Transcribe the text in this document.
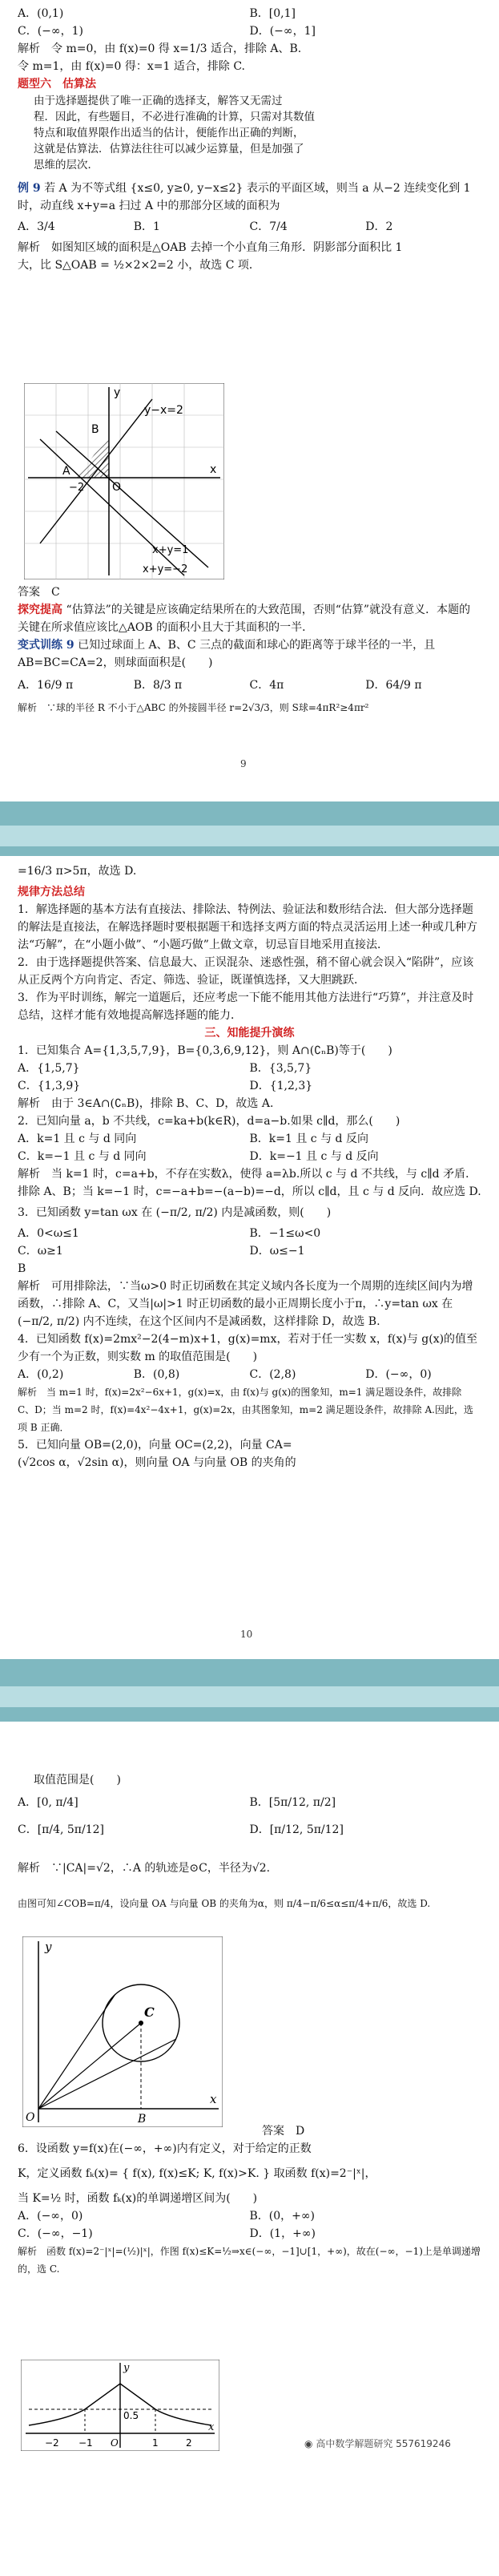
A．(0,1)	B．[0,1]
C．(−∞，1)	D．(−∞，1]
解析　令 m=0，由 f(x)=0 得 x=1/3 适合，排除 A、B.
令 m=1，由 f(x)=0 得：x=1 适合，排除 C.
题型六　估算法
由于选择题提供了唯一正确的选择支，解答又无需过
程．因此，有些题目，不必进行准确的计算，只需对其数值
特点和取值界限作出适当的估计，便能作出正确的判断，
这就是估算法．估算法往往可以减少运算量，但是加强了
思维的层次．
例 9 若 A 为不等式组 {x≤0, y≥0, y−x≤2} 表示的平面区域，则当 a 从−2 连续变化到 1
时，动直线 x+y=a 扫过 A 中的那部分区域的面积为
A．3/4	B．1	C．7/4	D．2
解析　如图知区域的面积是△OAB 去掉一个小直角三角形．阴影部分面积比 1
大，比 S△OAB = ½×2×2=2 小，故选 C 项．
y−x=2
B
A
O
−2
y
x
x+y=1
x+y=−2
答案　C
探究提高 “估算法”的关键是应该确定结果所在的大致范围，否则“估算”就没有意义．本题的关键在所求值应该比△AOB 的面积小且大于其面积的一半．
变式训练 9 已知过球面上 A、B、C 三点的截面和球心的距离等于球半径的一半，且 AB=BC=CA=2，则球面面积是(　　)
A．16/9 π	B．8/3 π	C．4π	D．64/9 π
解析　∵球的半径 R 不小于△ABC 的外接圆半径 r=2√3/3，则 S球=4πR²≥4πr²
9
=16/3 π>5π，故选 D.
规律方法总结
1．解选择题的基本方法有直接法、排除法、特例法、验证法和数形结合法．但大部分选择题的解法是直接法，在解选择题时要根据题干和选择支两方面的特点灵活运用上述一种或几种方法“巧解”，在“小题小做”、“小题巧做”上做文章，切忌盲目地采用直接法．
2．由于选择题提供答案、信息最大、正误混杂、迷惑性强，稍不留心就会误入“陷阱”，应该从正反两个方向肯定、否定、筛选、验证，既谨慎选择，又大胆跳跃．
3．作为平时训练，解完一道题后，还应考虑一下能不能用其他方法进行“巧算”，并注意及时总结，这样才能有效地提高解选择题的能力．
三、知能提升演练
1．已知集合 A={1,3,5,7,9}，B={0,3,6,9,12}，则 A∩(∁ₙB)等于(　　)
A．{1,5,7}	B．{3,5,7}
C．{1,3,9}	D．{1,2,3}
解析　由于 3∈A∩(∁ₙB)，排除 B、C、D，故选 A.
2．已知向量 a，b 不共线，c=ka+b(k∈R)，d=a−b.如果 c∥d，那么(　　)
A．k=1 且 c 与 d 同向	B．k=1 且 c 与 d 反向
C．k=−1 且 c 与 d 同向	D．k=−1 且 c 与 d 反向
解析　当 k=1 时，c=a+b，不存在实数λ，使得 a=λb.所以 c 与 d 不共线，与 c∥d 矛盾．排除 A、B；当 k=−1 时，c=−a+b=−(a−b)=−d，所以 c∥d，且 c 与 d 反向．故应选 D.
3．已知函数 y=tan ωx 在 (−π/2, π/2) 内是减函数，则(　　)
A．0<ω≤1	B．−1≤ω<0
C．ω≥1	D．ω≤−1
B
解析　可用排除法，∵当ω>0 时正切函数在其定义域内各长度为一个周期的连续区间内为增函数，∴排除 A、C，又当|ω|>1 时正切函数的最小正周期长度小于π，∴y=tan ωx 在 (−π/2, π/2) 内不连续，在这个区间内不是减函数，这样排除 D，故选 B.
4．已知函数 f(x)=2mx²−2(4−m)x+1，g(x)=mx，若对于任一实数 x，f(x)与 g(x)的值至少有一个为正数，则实数 m 的取值范围是(　　)
A．(0,2)	B．(0,8)	C．(2,8)	D．(−∞，0)
解析　当 m=1 时，f(x)=2x²−6x+1，g(x)=x，由 f(x)与 g(x)的图象知，m=1 满足题设条件，故排除 C、D；当 m=2 时，f(x)=4x²−4x+1，g(x)=2x，由其图象知，m=2 满足题设条件，故排除 A.因此，选项 B 正确．
5．已知向量 OB=(2,0)，向量 OC=(2,2)，向量 CA=
(√2cos α，√2sin α)，则向量 OA 与向量 OB 的夹角的
10
取值范围是(　　)
A．[0, π/4]	B．[5π/12, π/2]
C．[π/4, 5π/12]	D．[π/12, 5π/12]
解析　∵|CA|=√2，∴A 的轨迹是⊙C，半径为√2.
由图可知∠COB=π/4，设向量 OA 与向量 OB 的夹角为α，则 π/4−π/6≤α≤π/4+π/6，故选 D.
y
C
O	B
x
答案　D
6．设函数 y=f(x)在(−∞，+∞)内有定义，对于给定的正数
K，定义函数 fₖ(x)= { f(x), f(x)≤K; K, f(x)>K. } 取函数 f(x)=2⁻|ˣ|，
当 K=½ 时，函数 fₖ(x)的单调递增区间为(　　)
A．(−∞，0)	B．(0，+∞)
C．(−∞，−1)	D．(1，+∞)
解析　函数 f(x)=2⁻|ˣ|=(½)|ˣ|，作图 f(x)≤K=½⇒x∈(−∞，−1]∪[1，+∞)，故在(−∞，−1)上是单调递增的，选 C.
y
0.5
−2 −1 O	1	2
x
◉ 高中数学解题研究 557619246
